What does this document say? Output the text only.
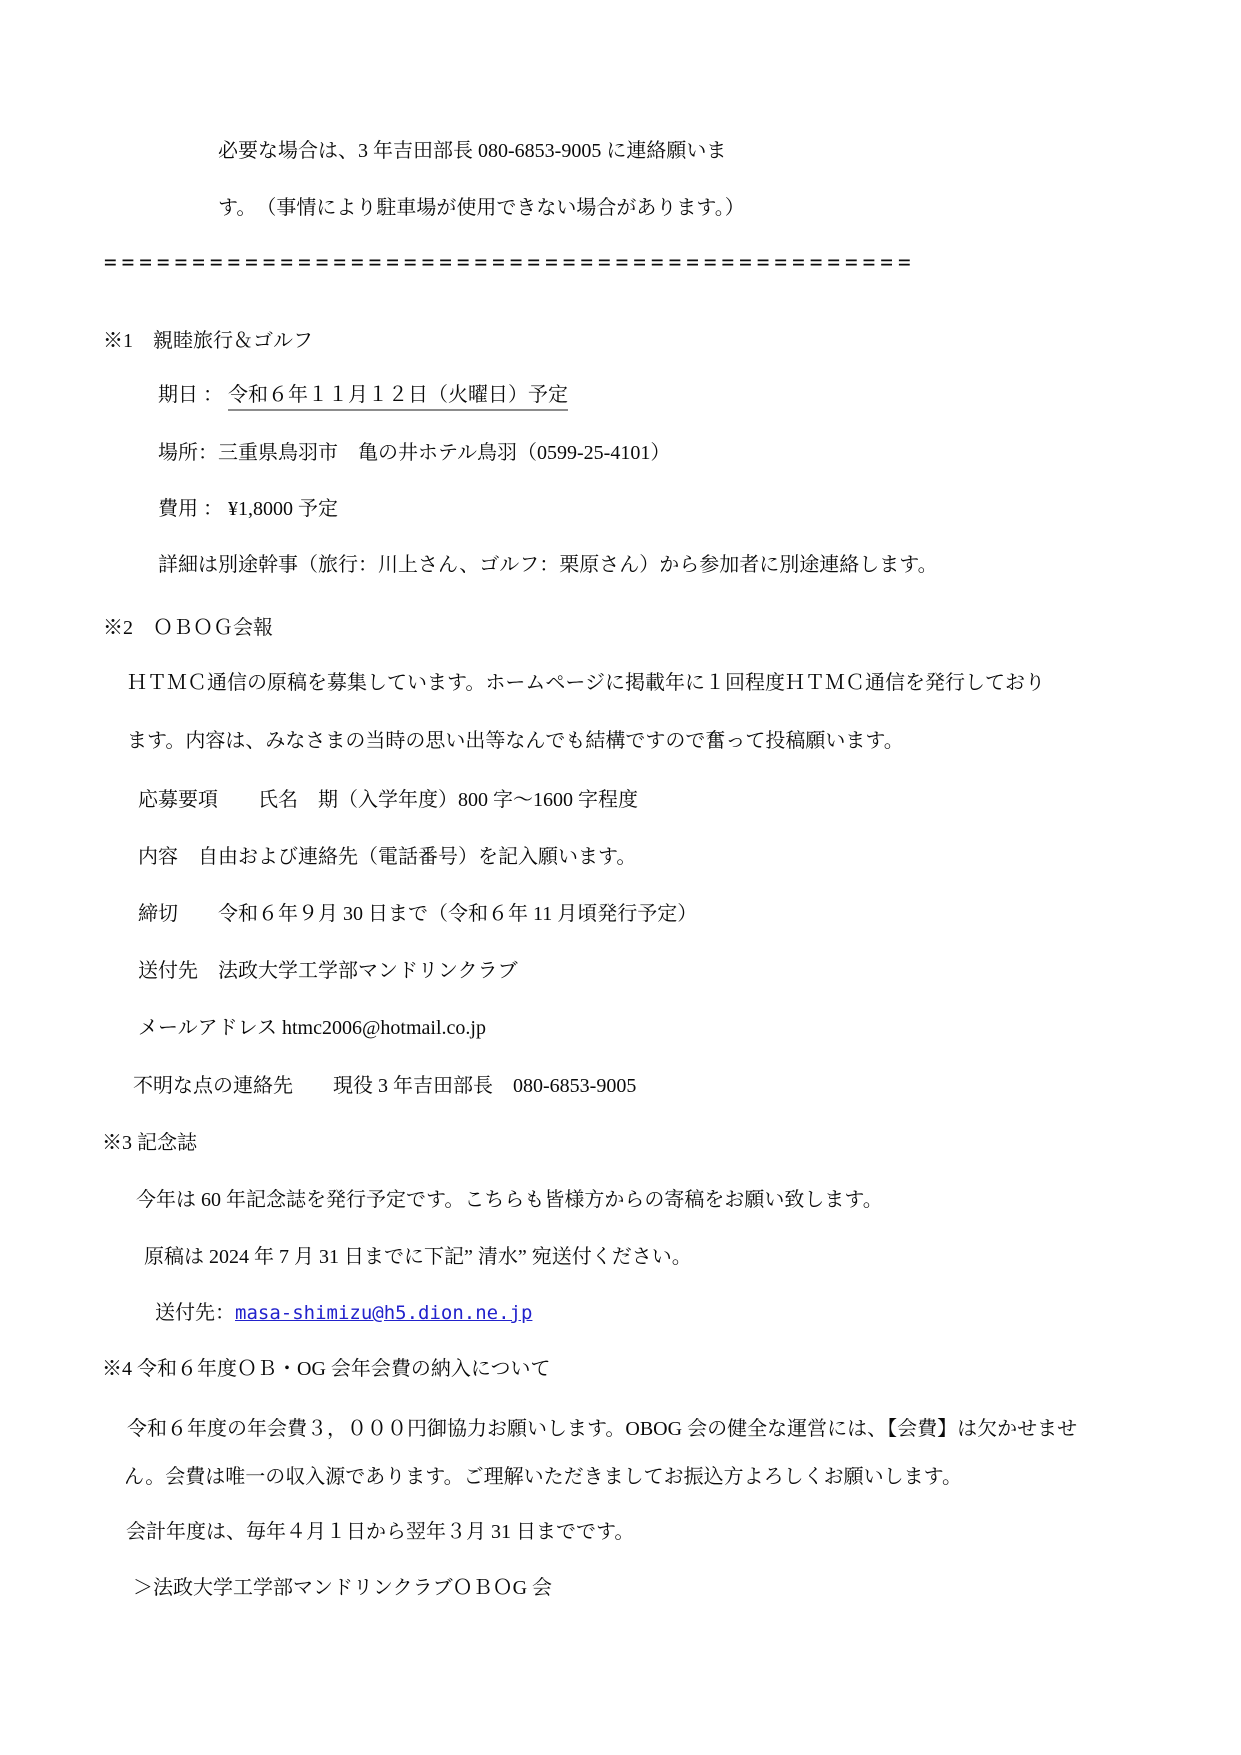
必要な場合は、3 年吉田部長 080-6853-9005 に連絡願いま
す。　（事情により駐車場が使用できない場合があります。）
==============================================
※1　親睦旅行＆ゴルフ
期日 ： 令和６年１１月１２日（火曜日）予定
場所：三重県鳥羽市　亀の井ホテル鳥羽（0599-25-4101）
費用 ： ¥1,8000 予定
詳細は別途幹事（旅行：川上さん、ゴルフ：栗原さん）から参加者に別途連絡します。
※2　ＯＢＯＧ会報
ＨＴＭＣ通信の原稿を募集しています。ホームページに掲載年に１回程度ＨＴＭＣ通信を発行しており
ます。内容は、みなさまの当時の思い出等なんでも結構ですので奮って投稿願います。
応募要項　　氏名　期（入学年度）800 字～1600 字程度
内容　自由および連絡先（電話番号）を記入願います。
締切　　令和６年９月 30 日まで（令和６年 11 月頃発行予定）
送付先　法政大学工学部マンドリンクラブ
メールアドレス htmc2006@hotmail.co.jp
不明な点の連絡先　　現役 3 年吉田部長　080-6853-9005
※3 記念誌
今年は 60 年記念誌を発行予定です。こちらも皆様方からの寄稿をお願い致します。
原稿は 2024 年 7 月 31 日までに下記” 清水” 宛送付ください。
送付先：masa-shimizu@h5.dion.ne.jp
※4 令和６年度ＯＢ・OG 会年会費の納入について
令和６年度の年会費３，０００円御協力お願いします。OBOG 会の健全な運営には、【会費】は欠かせませ
ん。会費は唯一の収入源であります。ご理解いただきましてお振込方よろしくお願いします。
会計年度は、毎年４月１日から翌年３月 31 日までです。
＞法政大学工学部マンドリンクラブＯＢＯG 会
